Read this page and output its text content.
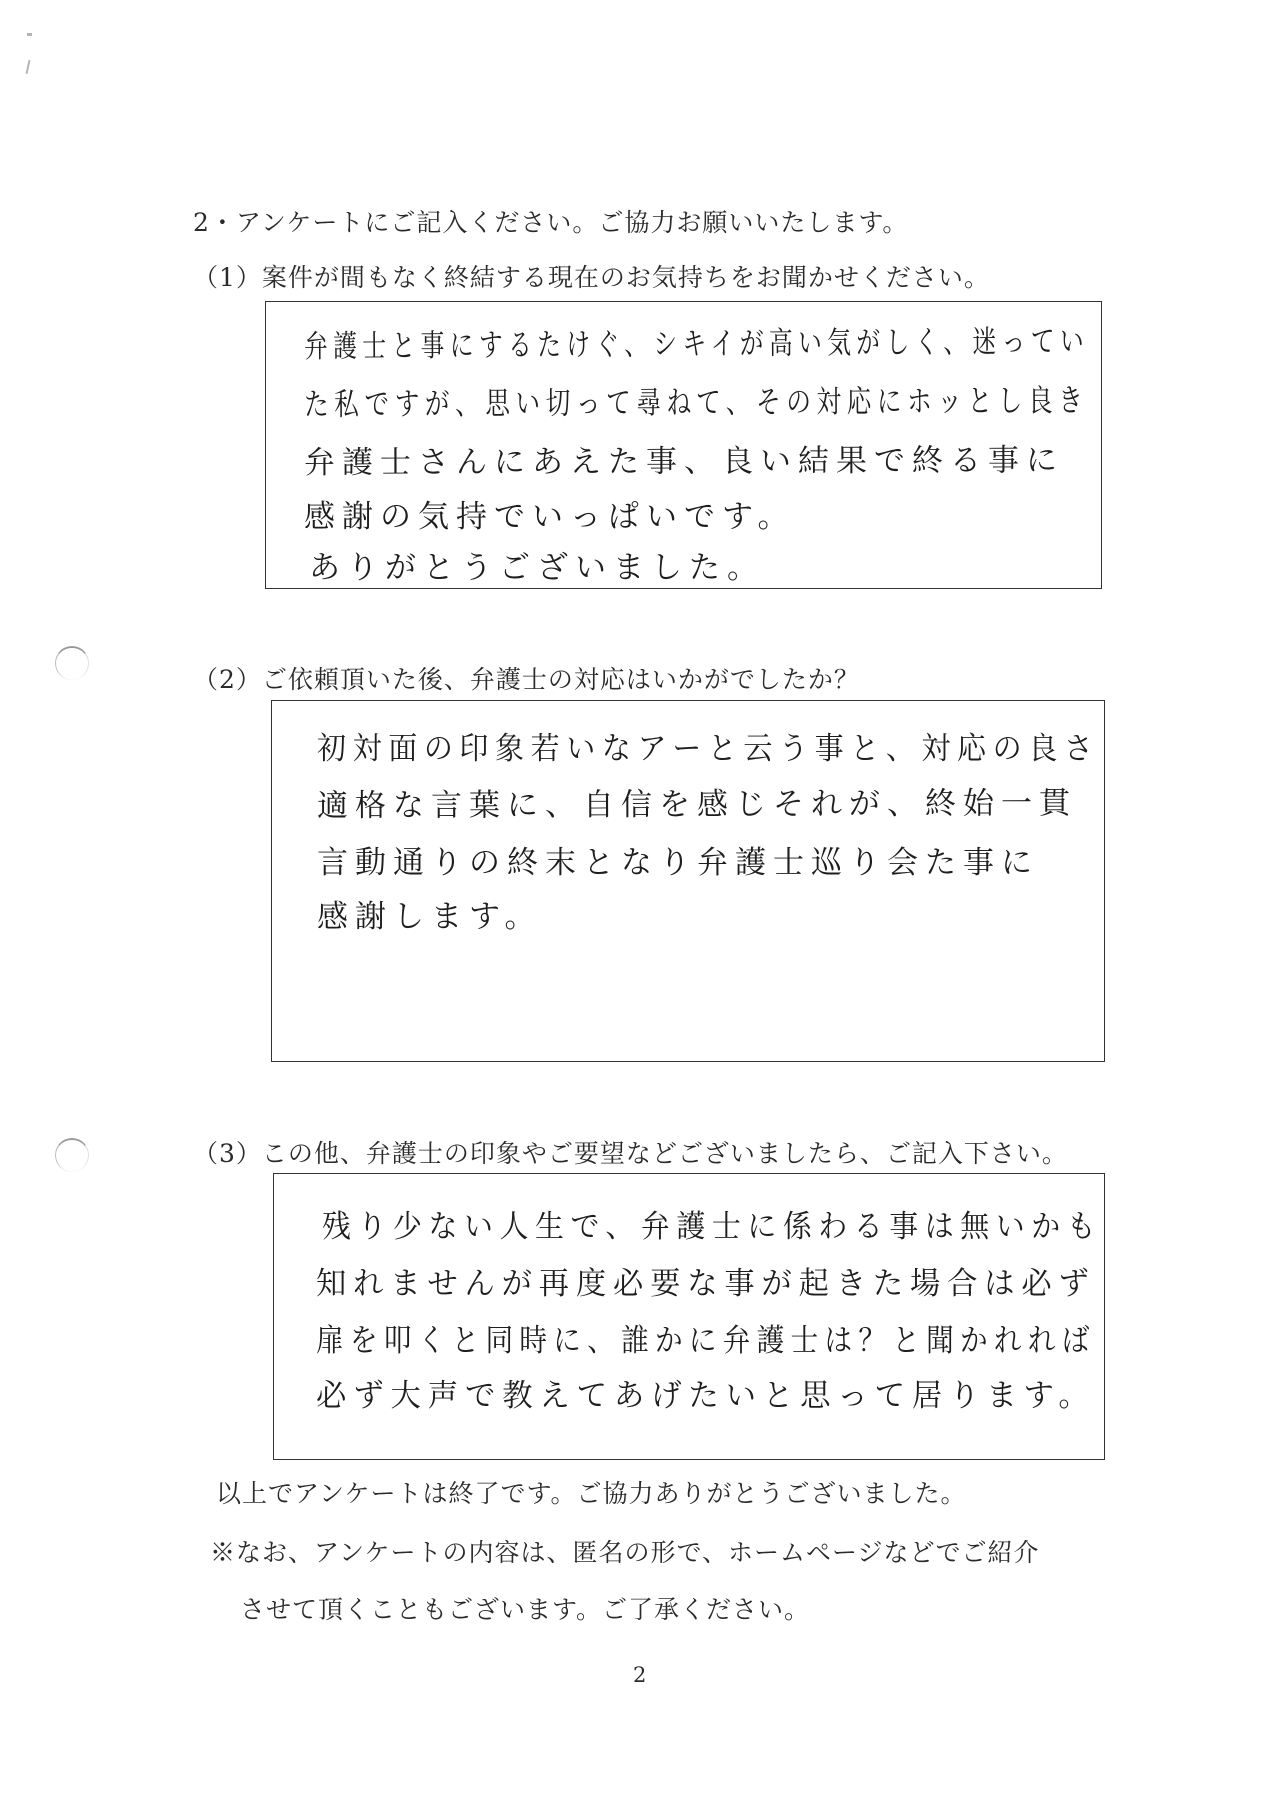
2・アンケートにご記入ください。ご協力お願いいたします。
（1）案件が間もなく終結する現在のお気持ちをお聞かせください。
弁護士と事にするたけぐ、シキイが高い気がしく、迷ってい
た私ですが、思い切って尋ねて、その対応にホッとし良き
弁護士さんにあえた事、良い結果で終る事に
感謝の気持でいっぱいです。
ありがとうございました。
（2）ご依頼頂いた後、弁護士の対応はいかがでしたか？
初対面の印象若いなアーと云う事と、対応の良さ
適格な言葉に、自信を感じそれが、終始一貫
言動通りの終末となり弁護士巡り会た事に
感謝します。
（3）この他、弁護士の印象やご要望などございましたら、ご記入下さい。
残り少ない人生で、弁護士に係わる事は無いかも
知れませんが再度必要な事が起きた場合は必ず
扉を叩くと同時に、誰かに弁護士は？と聞かれれば
必ず大声で教えてあげたいと思って居ります。
以上でアンケートは終了です。ご協力ありがとうございました。
※なお、アンケートの内容は、匿名の形で、ホームページなどでご紹介
させて頂くこともございます。ご了承ください。
2
